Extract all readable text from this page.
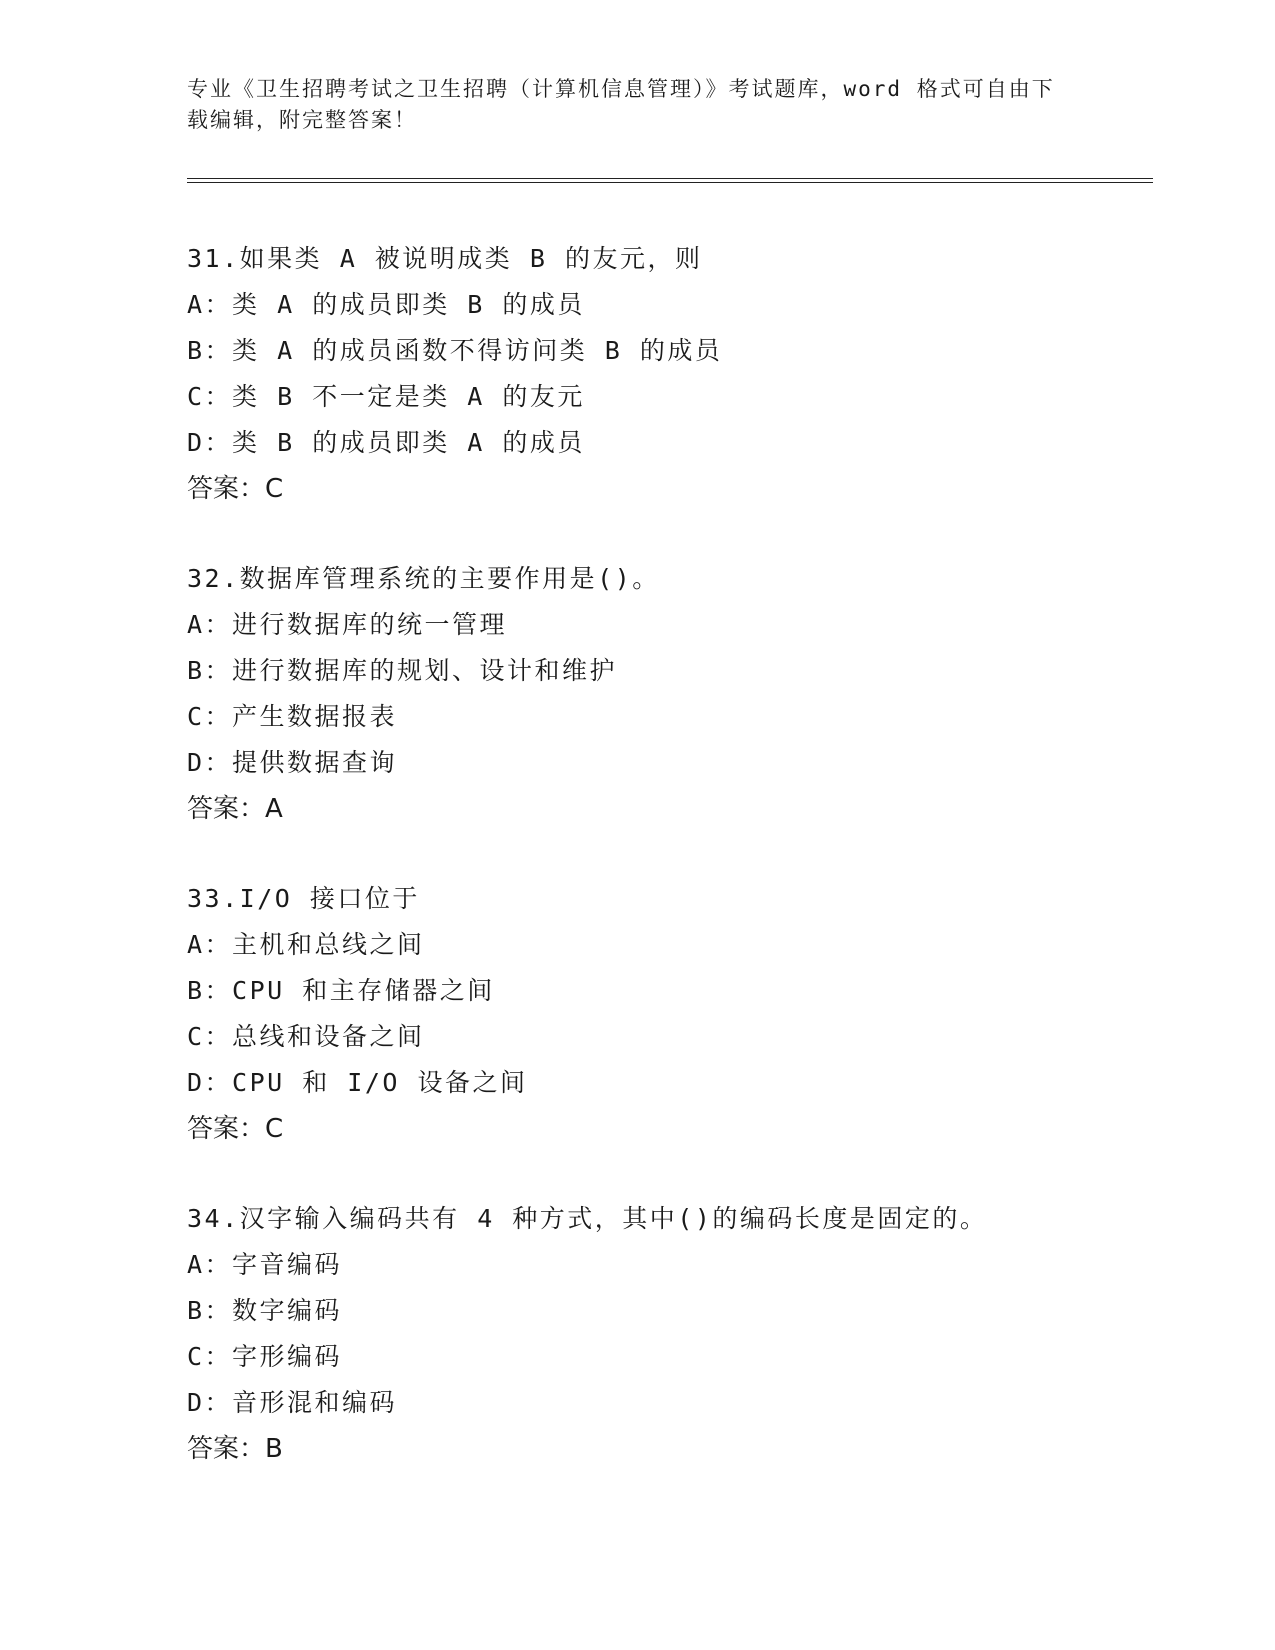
专业《卫生招聘考试之卫生招聘（计算机信息管理）》考试题库，word 格式可自由下载编辑，附完整答案！
31.如果类 A 被说明成类 B 的友元，则
A：类 A 的成员即类 B 的成员
B：类 A 的成员函数不得访问类 B 的成员
C：类 B 不一定是类 A 的友元
D：类 B 的成员即类 A 的成员
答案：C
32.数据库管理系统的主要作用是()。
A：进行数据库的统一管理
B：进行数据库的规划、设计和维护
C：产生数据报表
D：提供数据查询
答案：A
33.I/O 接口位于
A：主机和总线之间
B：CPU 和主存储器之间
C：总线和设备之间
D：CPU 和 I/O 设备之间
答案：C
34.汉字输入编码共有 4 种方式，其中()的编码长度是固定的。
A：字音编码
B：数字编码
C：字形编码
D：音形混和编码
答案：B
